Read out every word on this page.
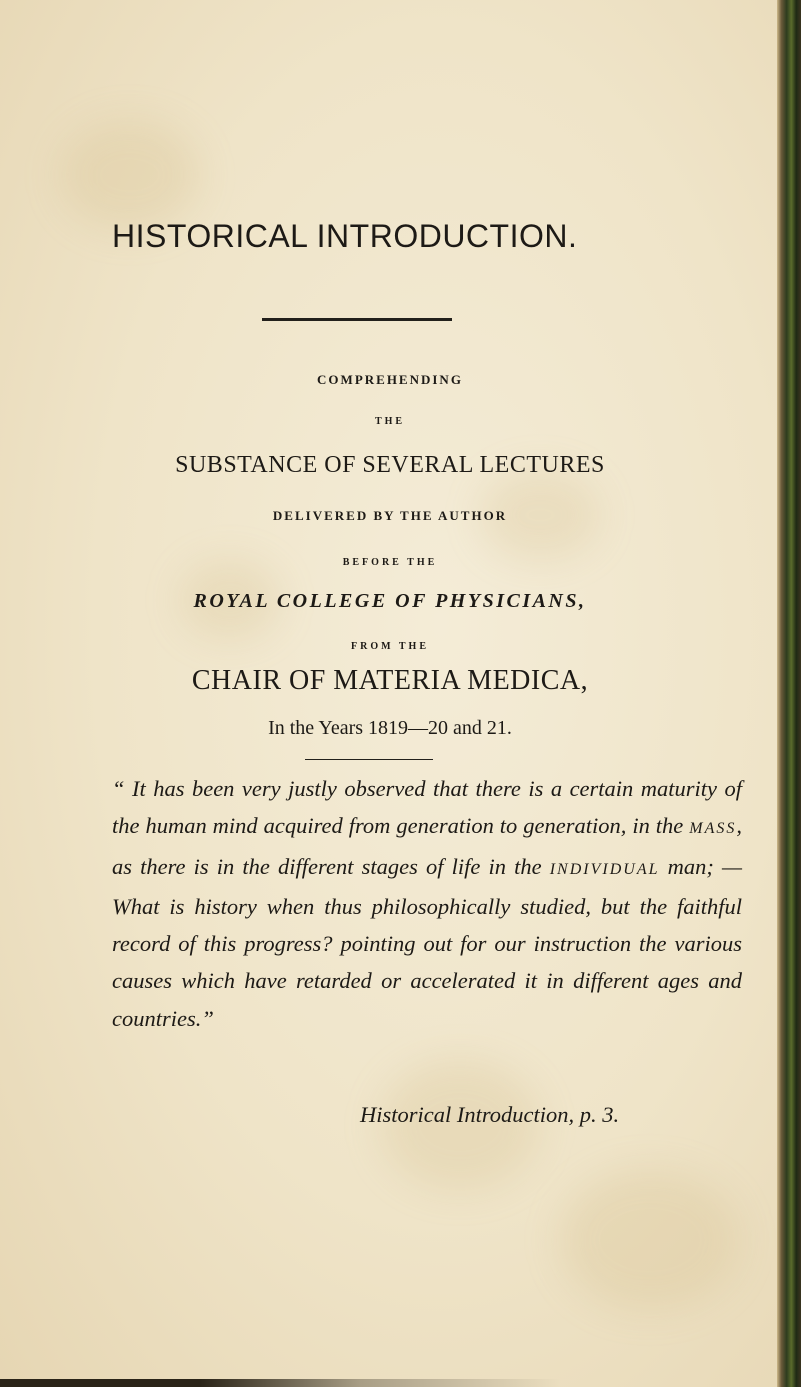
HISTORICAL INTRODUCTION.
COMPREHENDING
THE
SUBSTANCE OF SEVERAL LECTURES
DELIVERED BY THE AUTHOR
BEFORE THE
ROYAL COLLEGE OF PHYSICIANS,
FROM THE
CHAIR OF MATERIA MEDICA,
In the Years 1819—20 and 21.

“ It has been very justly observed that there is a certain maturity of the human mind acquired from generation to generation, in the MASS, as there is in the different stages of life in the INDIVIDUAL man; — What is history when thus philosophically studied, but the faithful record of this progress? pointing out for our instruction the various causes which have retarded or accelerated it in different ages and countries.”

Historical Introduction, p. 3.
